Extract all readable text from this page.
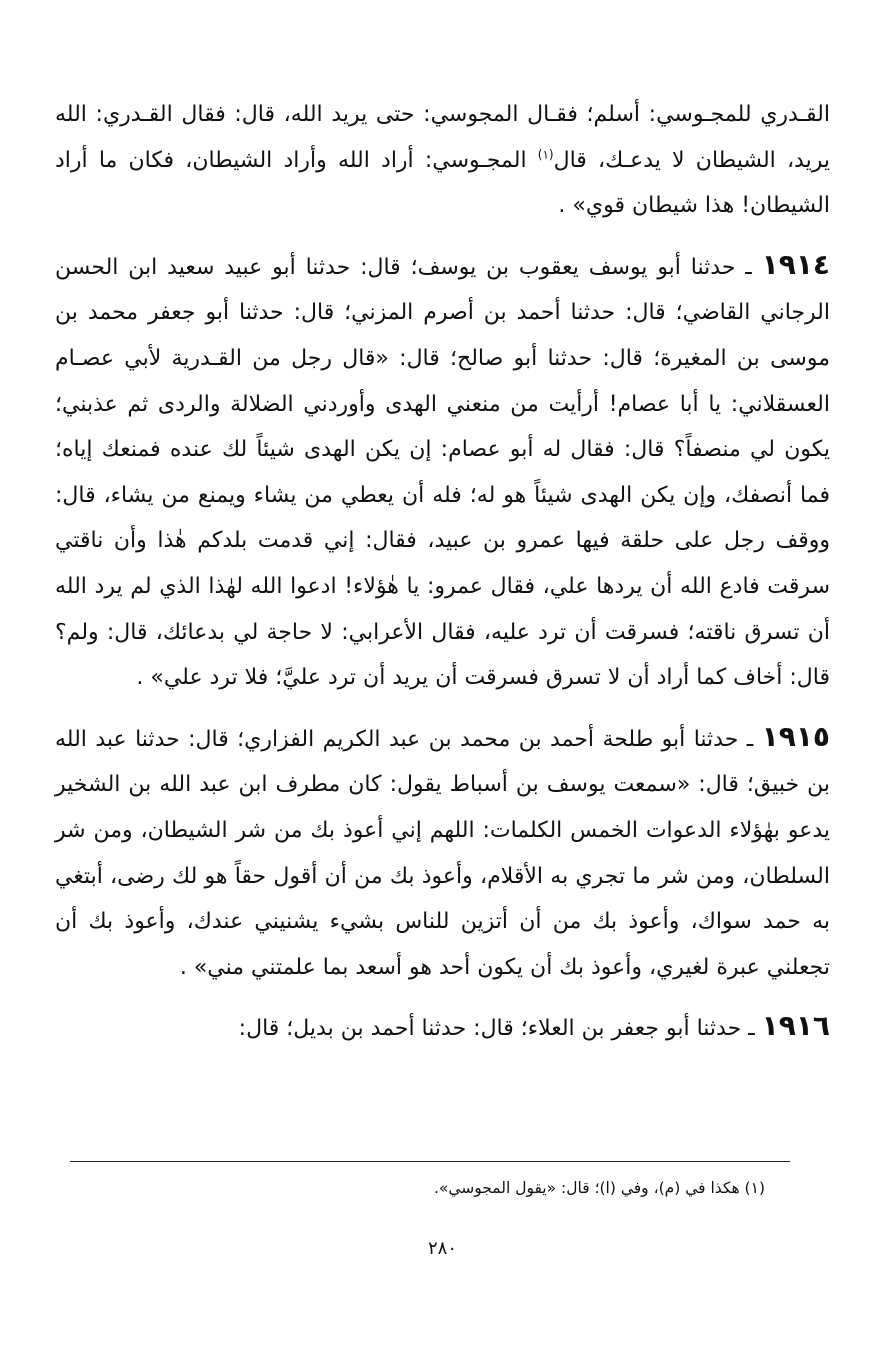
القـدري للمجـوسي: أسلم؛ فقـال المجوسي: حتى يريد الله، قال: فقال القـدري: الله يريد، الشيطان لا يدعـك، قال$^{(١)}$ المجـوسي: أراد الله وأراد الشيطان، فكان ما أراد الشيطان! هذا شيطان قوي» .

١٩١٤ ـ حدثنا أبو يوسف يعقوب بن يوسف؛ قال: حدثنا أبو عبيد سعيد ابن الحسن الرجاني القاضي؛ قال: حدثنا أحمد بن أصرم المزني؛ قال: حدثنا أبو جعفر محمد بن موسى بن المغيرة؛ قال: حدثنا أبو صالح؛ قال: «قال رجل من القـدرية لأبي عصـام العسقلاني: يا أبا عصام! أرأيت من منعني الهدى وأوردني الضلالة والردى ثم عذبني؛ يكون لي منصفاً؟ قال: فقال له أبو عصام: إن يكن الهدى شيئاً لك عنده فمنعك إياه؛ فما أنصفك، وإن يكن الهدى شيئاً هو له؛ فله أن يعطي من يشاء ويمنع من يشاء، قال: ووقف رجل على حلقة فيها عمرو بن عبيد، فقال: إني قدمت بلدكم هٰذا وأن ناقتي سرقت فادع الله أن يردها علي، فقال عمرو: يا هٰؤلاء! ادعوا الله لهٰذا الذي لم يرد الله أن تسرق ناقته؛ فسرقت أن ترد عليه، فقال الأعرابي: لا حاجة لي بدعائك، قال: ولم؟ قال: أخاف كما أراد أن لا تسرق فسرقت أن يريد أن ترد عليَّ؛ فلا ترد علي» .

١٩١٥ ـ حدثنا أبو طلحة أحمد بن محمد بن عبد الكريم الفزاري؛ قال: حدثنا عبد الله بن خبيق؛ قال: «سمعت يوسف بن أسباط يقول: كان مطرف ابن عبد الله بن الشخير يدعو بهٰؤلاء الدعوات الخمس الكلمات: اللهم إني أعوذ بك من شر الشيطان، ومن شر السلطان، ومن شر ما تجري به الأقلام، وأعوذ بك من أن أقول حقاً هو لك رضى، أبتغي به حمد سواك، وأعوذ بك من أن أتزين للناس بشيء يشنيني عندك، وأعوذ بك أن تجعلني عبرة لغيري، وأعوذ بك أن يكون أحد هو أسعد بما علمتني مني» .

١٩١٦ ـ حدثنا أبو جعفر بن العلاء؛ قال: حدثنا أحمد بن بديل؛ قال:

(١) هكذا في (م)، وفي (ا)؛ قال: «يقول المجوسي».

٢٨٠
